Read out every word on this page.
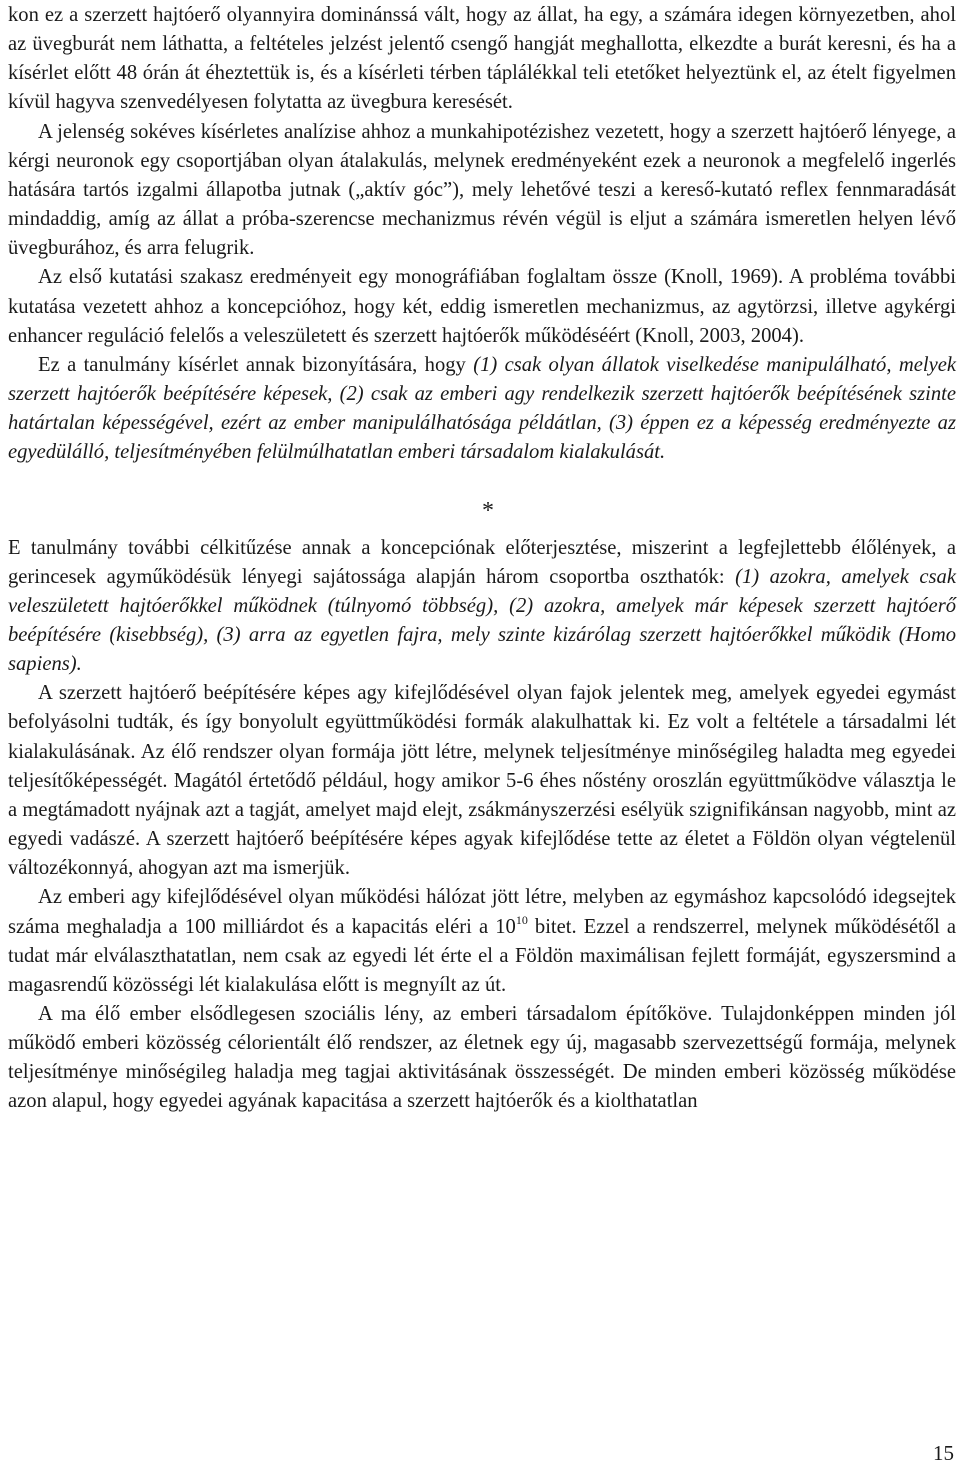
kon ez a szerzett hajtóerő olyannyira dominánssá vált, hogy az állat, ha egy, a számára idegen környezetben, ahol az üvegburát nem láthatta, a feltételes jelzést jelentő csengő hangját meghallotta, elkezdte a burát keresni, és ha a kísérlet előtt 48 órán át éheztettük is, és a kísérleti térben táplálékkal teli etetőket helyeztünk el, az ételt figyelmen kívül hagyva szenvedélyesen folytatta az üvegbura keresését.

A jelenség sokéves kísérletes analízise ahhoz a munkahipotézishez vezetett, hogy a szerzett hajtóerő lényege, a kérgi neuronok egy csoportjában olyan átalakulás, melynek eredményeként ezek a neuronok a megfelelő ingerlés hatására tartós izgalmi állapotba jutnak („aktív góc”), mely lehetővé teszi a kereső-kutató reflex fennmaradását mindaddig, amíg az állat a próba-szerencse mechanizmus révén végül is eljut a számára ismeretlen helyen lévő üvegburához, és arra felugrik.

Az első kutatási szakasz eredményeit egy monográfiában foglaltam össze (Knoll, 1969). A probléma további kutatása vezetett ahhoz a koncepcióhoz, hogy két, eddig ismeretlen mechanizmus, az agytörzsi, illetve agykérgi enhancer reguláció felelős a veleszületett és szerzett hajtóerők működéséért (Knoll, 2003, 2004).

Ez a tanulmány kísérlet annak bizonyítására, hogy (1) csak olyan állatok viselkedése manipulálható, melyek szerzett hajtóerők beépítésére képesek, (2) csak az emberi agy rendelkezik szerzett hajtóerők beépítésének szinte határtalan képességével, ezért az ember manipulálhatósága példátlan, (3) éppen ez a képesség eredményezte az egyedülálló, teljesítményében felülmúlhatatlan emberi társadalom kialakulását.

*

E tanulmány további célkitűzése annak a koncepciónak előterjesztése, miszerint a legfejlettebb élőlények, a gerincesek agyműködésük lényegi sajátossága alapján három csoportba oszthatók: (1) azokra, amelyek csak veleszületett hajtóerőkkel működnek (túlnyomó többség), (2) azokra, amelyek már képesek szerzett hajtóerő beépítésére (kisebbség), (3) arra az egyetlen fajra, mely szinte kizárólag szerzett hajtóerőkkel működik (Homo sapiens).

A szerzett hajtóerő beépítésére képes agy kifejlődésével olyan fajok jelentek meg, amelyek egyedei egymást befolyásolni tudták, és így bonyolult együttműködési formák alakulhattak ki. Ez volt a feltétele a társadalmi lét kialakulásának. Az élő rendszer olyan formája jött létre, melynek teljesítménye minőségileg haladta meg egyedei teljesítőképességét. Magától értetődő például, hogy amikor 5-6 éhes nőstény oroszlán együttműködve választja le a megtámadott nyájnak azt a tagját, amelyet majd elejt, zsákmányszerzési esélyük szignifikánsan nagyobb, mint az egyedi vadászé. A szerzett hajtóerő beépítésére képes agyak kifejlődése tette az életet a Földön olyan végtelenül változékonnyá, ahogyan azt ma ismerjük.

Az emberi agy kifejlődésével olyan működési hálózat jött létre, melyben az egymáshoz kapcsolódó idegsejtek száma meghaladja a 100 milliárdot és a kapacitás eléri a $10^{10}$ bitet. Ezzel a rendszerrel, melynek működésétől a tudat már elválaszthatatlan, nem csak az egyedi lét érte el a Földön maximálisan fejlett formáját, egyszersmind a magasrendű közösségi lét kialakulása előtt is megnyílt az út.

A ma élő ember elsődlegesen szociális lény, az emberi társadalom építőköve. Tulajdonképpen minden jól működő emberi közösség célorientált élő rendszer, az életnek egy új, magasabb szervezettségű formája, melynek teljesítménye minőségileg haladja meg tagjai aktivitásának összességét. De minden emberi közösség működése azon alapul, hogy egyedei agyának kapacitása a szerzett hajtóerők és a kiolthatatlan

15
